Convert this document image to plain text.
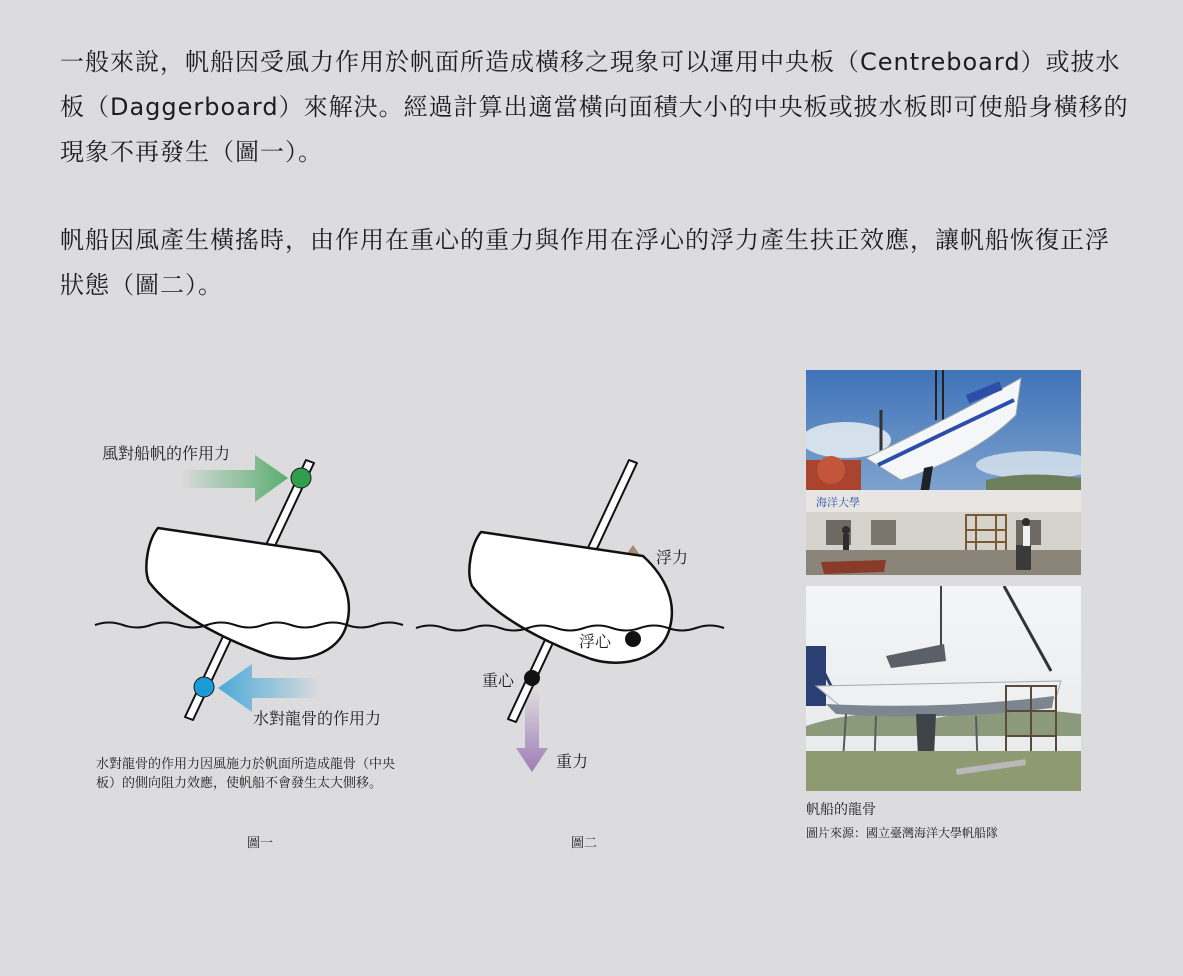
一般來說，帆船因受風力作用於帆面所造成橫移之現象可以運用中央板（Centreboard）或披水板（Daggerboard）來解決。經過計算出適當橫向面積大小的中央板或披水板即可使船身橫移的現象不再發生（圖一）。

帆船因風產生橫搖時，由作用在重心的重力與作用在浮心的浮力產生扶正效應，讓帆船恢復正浮狀態（圖二）。

風對船帆的作用力
水對龍骨的作用力
水對龍骨的作用力因風施力於帆面所造成龍骨（中央板）的側向阻力效應，使帆船不會發生太大側移。
圖一
浮力
浮心
重心
重力
圖二
海洋大學
帆船的龍骨
圖片來源：國立臺灣海洋大學帆船隊
